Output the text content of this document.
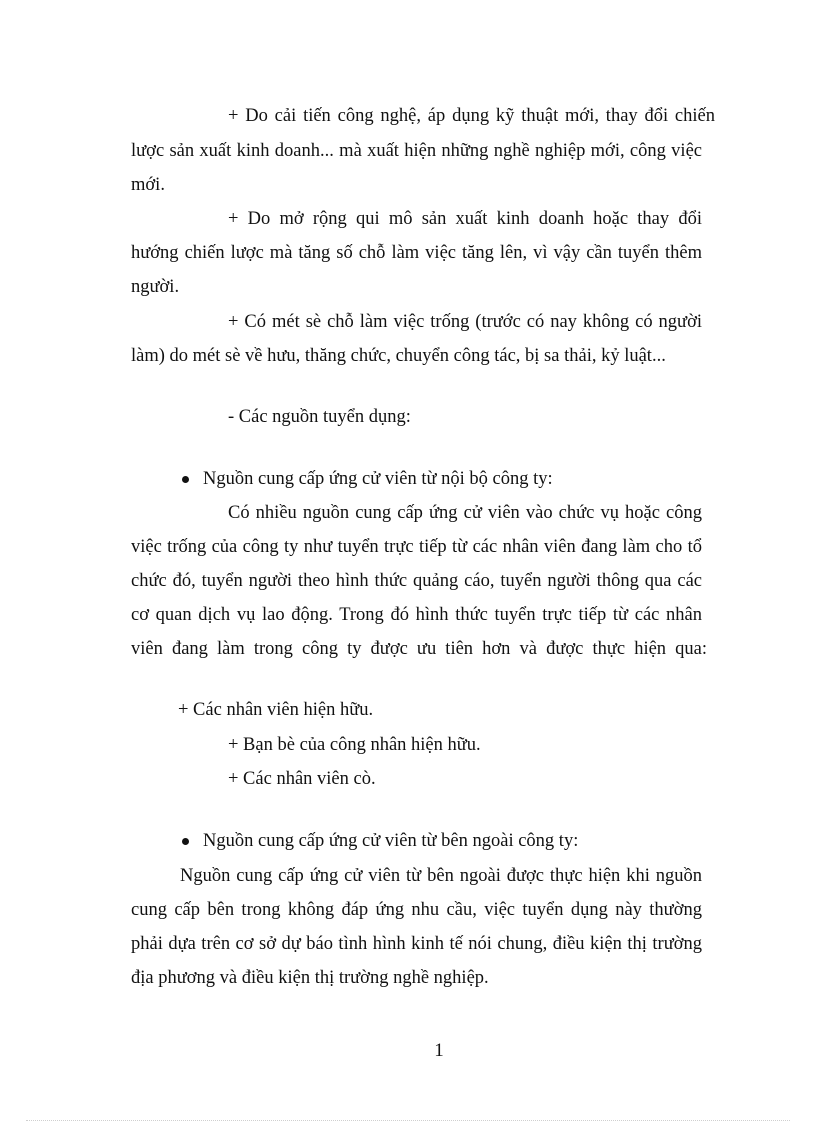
+ Do cải tiến công nghệ, áp dụng kỹ thuật mới, thay đổi chiến
lược sản xuất kinh doanh... mà xuất hiện những nghề nghiệp mới, công việc
mới.
+ Do mở rộng qui mô sản xuất kinh doanh hoặc thay đổi
hướng chiến lược mà tăng số chỗ làm việc tăng lên, vì vậy cần tuyển thêm
người.
+ Có mét sè chỗ làm việc trống (trước có nay không có người
làm) do mét sè về hưu, thăng chức, chuyển công tác, bị sa thải, kỷ luật...
- Các nguồn tuyển dụng:
Nguồn cung cấp ứng cử viên từ nội bộ công ty:
Có nhiều nguồn cung cấp ứng cử viên vào chức vụ hoặc công
việc trống của công ty như tuyển trực tiếp từ các nhân viên đang làm cho tổ
chức đó, tuyển người theo hình thức quảng cáo, tuyển người thông qua các
cơ quan dịch vụ lao động. Trong đó hình thức tuyển trực tiếp từ các nhân
viên đang làm trong công ty được ưu tiên hơn và được thực hiện qua:
+ Các nhân viên hiện hữu.
+ Bạn bè của công nhân hiện hữu.
+ Các nhân viên cò.
Nguồn cung cấp ứng cử viên từ bên ngoài công ty:
Nguồn cung cấp ứng cử viên từ bên ngoài được thực hiện khi nguồn
cung cấp bên trong không đáp ứng nhu cầu, việc tuyển dụng này thường
phải dựa trên cơ sở dự báo tình hình kinh tế nói chung, điều kiện thị trường
địa phương và điều kiện thị trường nghề nghiệp.
1
